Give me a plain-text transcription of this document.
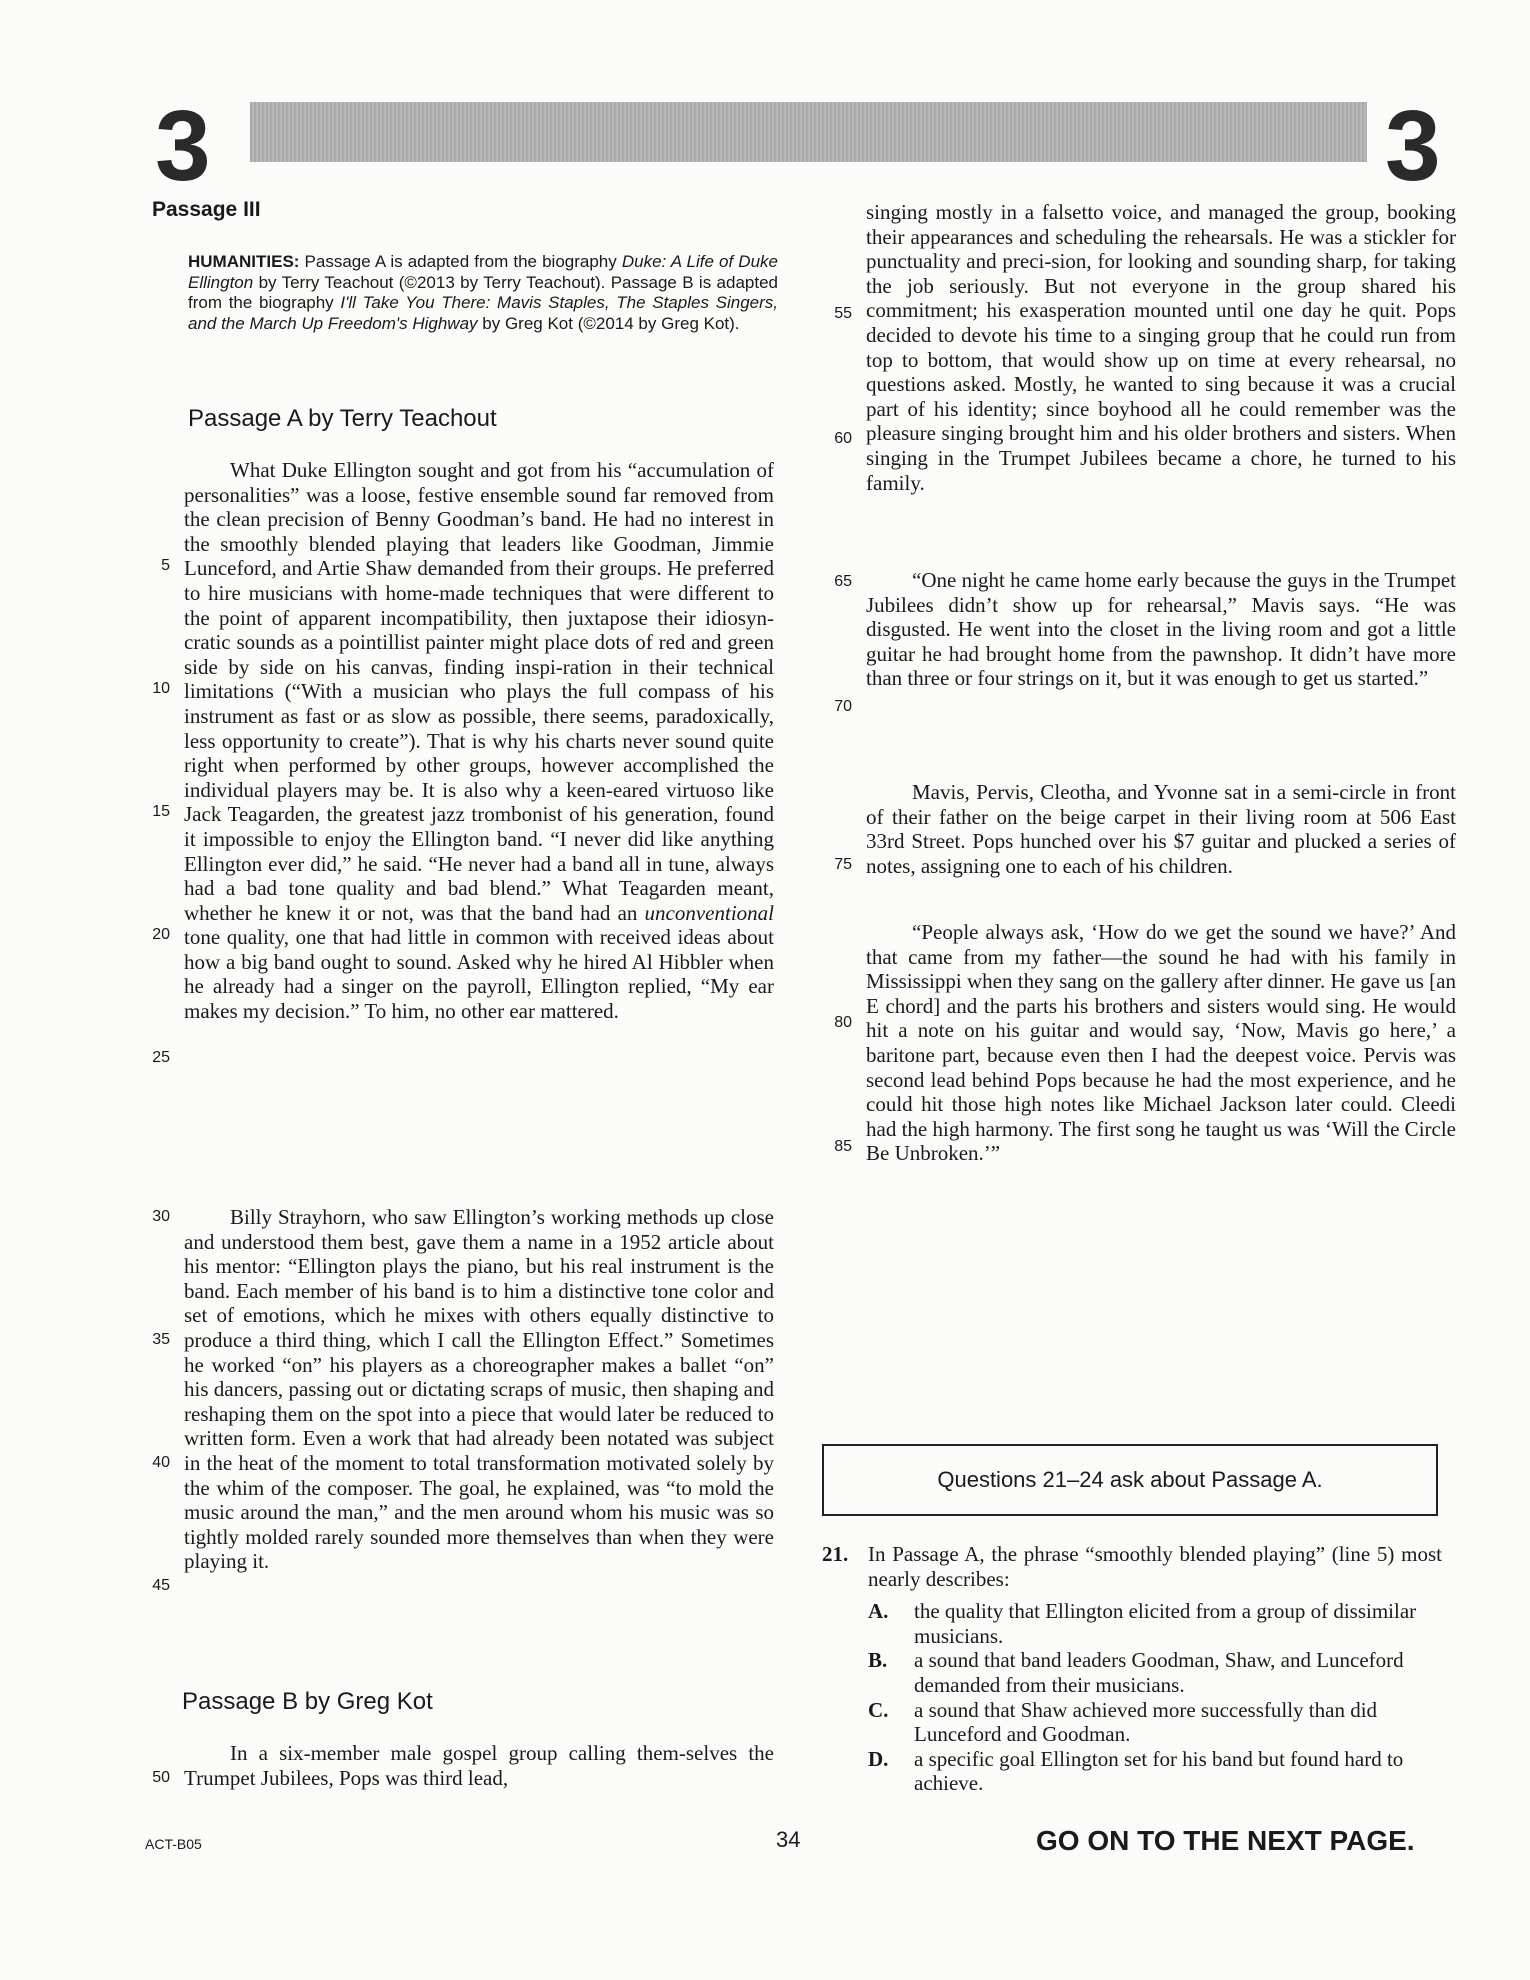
3	3
Passage III
HUMANITIES: Passage A is adapted from the biography Duke: A Life of Duke Ellington by Terry Teachout (©2013 by Terry Teachout). Passage B is adapted from the biography I'll Take You There: Mavis Staples, The Staples Singers, and the March Up Freedom's Highway by Greg Kot (©2014 by Greg Kot).
Passage A by Terry Teachout

What Duke Ellington sought and got from his “accumulation of personalities” was a loose, festive ensemble sound far removed from the clean precision of Benny Goodman’s band. He had no interest in the smoothly blended playing that leaders like Goodman, Jimmie Lunceford, and Artie Shaw demanded from their groups. He preferred to hire musicians with home-made techniques that were different to the point of apparent incompatibility, then juxtapose their idiosyn-cratic sounds as a pointillist painter might place dots of red and green side by side on his canvas, finding inspi-ration in their technical limitations (“With a musician who plays the full compass of his instrument as fast or as slow as possible, there seems, paradoxically, less opportunity to create”). That is why his charts never sound quite right when performed by other groups, however accomplished the individual players may be. It is also why a keen-eared virtuoso like Jack Teagarden, the greatest jazz trombonist of his generation, found it impossible to enjoy the Ellington band. “I never did like anything Ellington ever did,” he said. “He never had a band all in tune, always had a bad tone quality and bad blend.” What Teagarden meant, whether he knew it or not, was that the band had an unconventional tone quality, one that had little in common with received ideas about how a big band ought to sound. Asked why he hired Al Hibbler when he already had a singer on the payroll, Ellington replied, “My ear makes my decision.” To him, no other ear mattered.

Billy Strayhorn, who saw Ellington’s working methods up close and understood them best, gave them a name in a 1952 article about his mentor: “Ellington plays the piano, but his real instrument is the band. Each member of his band is to him a distinctive tone color and set of emotions, which he mixes with others equally distinctive to produce a third thing, which I call the Ellington Effect.” Sometimes he worked “on” his players as a choreographer makes a ballet “on” his dancers, passing out or dictating scraps of music, then shaping and reshaping them on the spot into a piece that would later be reduced to written form. Even a work that had already been notated was subject in the heat of the moment to total transformation motivated solely by the whim of the composer. The goal, he explained, was “to mold the music around the man,” and the men around whom his music was so tightly molded rarely sounded more themselves than when they were playing it.

Passage B by Greg Kot

In a six-member male gospel group calling them-selves the Trumpet Jubilees, Pops was third lead,

singing mostly in a falsetto voice, and managed the group, booking their appearances and scheduling the rehearsals. He was a stickler for punctuality and preci-sion, for looking and sounding sharp, for taking the job seriously. But not everyone in the group shared his commitment; his exasperation mounted until one day he quit. Pops decided to devote his time to a singing group that he could run from top to bottom, that would show up on time at every rehearsal, no questions asked. Mostly, he wanted to sing because it was a crucial part of his identity; since boyhood all he could remember was the pleasure singing brought him and his older brothers and sisters. When singing in the Trumpet Jubilees became a chore, he turned to his family.

“One night he came home early because the guys in the Trumpet Jubilees didn’t show up for rehearsal,” Mavis says. “He was disgusted. He went into the closet in the living room and got a little guitar he had brought home from the pawnshop. It didn’t have more than three or four strings on it, but it was enough to get us started.”

Mavis, Pervis, Cleotha, and Yvonne sat in a semi-circle in front of their father on the beige carpet in their living room at 506 East 33rd Street. Pops hunched over his $7 guitar and plucked a series of notes, assigning one to each of his children.

“People always ask, ‘How do we get the sound we have?’ And that came from my father—the sound he had with his family in Mississippi when they sang on the gallery after dinner. He gave us [an E chord] and the parts his brothers and sisters would sing. He would hit a note on his guitar and would say, ‘Now, Mavis go here,’ a baritone part, because even then I had the deepest voice. Pervis was second lead behind Pops because he had the most experience, and he could hit those high notes like Michael Jackson later could. Cleedi had the high harmony. The first song he taught us was ‘Will the Circle Be Unbroken.’”

5
10
15
20
25
30
35
40
45
50
55
60
65
70
75
80
85
Questions 21–24 ask about Passage A.
21. In Passage A, the phrase “smoothly blended playing” (line 5) most nearly describes:
A. the quality that Ellington elicited from a group of dissimilar musicians.
B. a sound that band leaders Goodman, Shaw, and Lunceford demanded from their musicians.
C. a sound that Shaw achieved more successfully than did Lunceford and Goodman.
D. a specific goal Ellington set for his band but found hard to achieve.
ACT-B05	34	GO ON TO THE NEXT PAGE.
